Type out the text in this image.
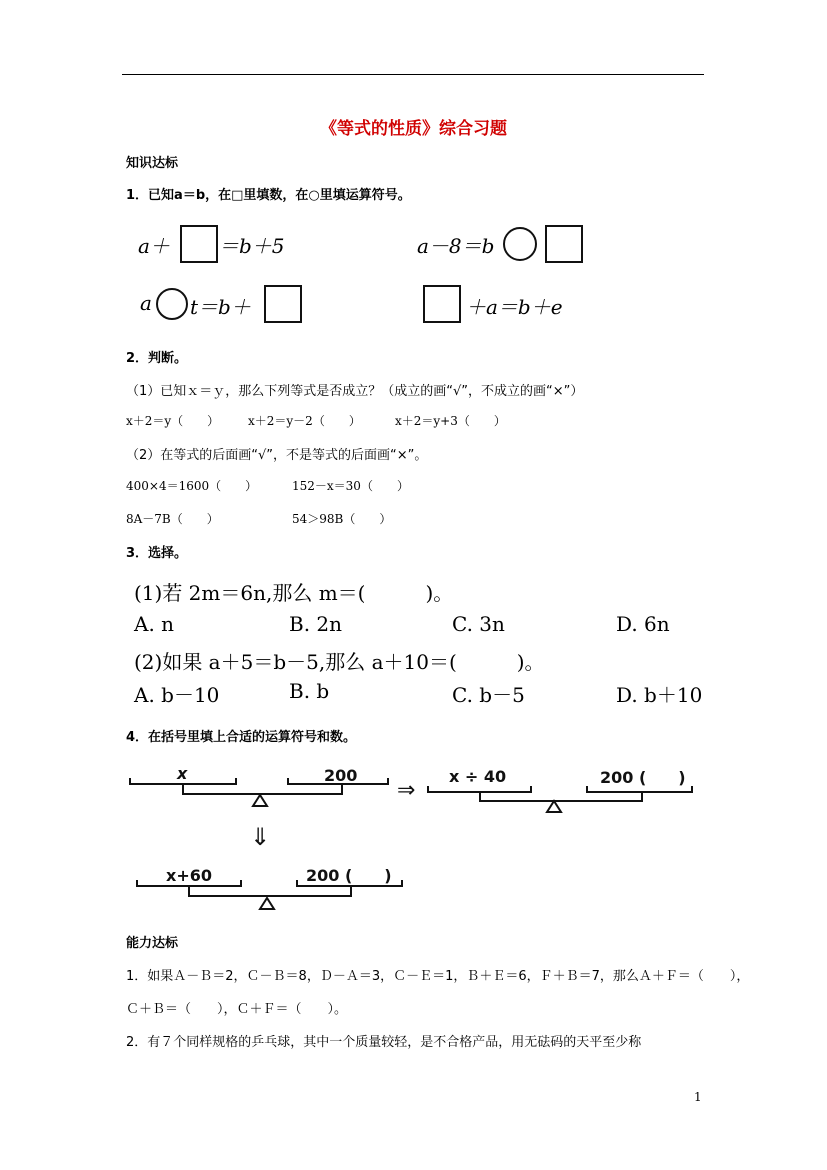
《等式的性质》综合习题
知识达标
1．已知a＝b，在□里填数，在○里填运算符号。
a＋ ＝b＋5	a－8＝b
a t＝b＋	＋a＝b＋e
2．判断。
（1）已知ｘ＝ｙ，那么下列等式是否成立？（成立的画“√”，不成立的画“×”）
x＋2＝y（　　） x＋2＝y－2（　　）	x＋2＝y+3（　　）
（2）在等式的后面画“√”，不是等式的后面画“×”。
400×4＝1600（　　）	152－x＝30（　　）
8A－7B（　　）	54＞98B（　　）
3．选择。
(1)若 2m＝6n,那么 m＝(　　　)。
A. n	B. 2n	C. 3n	D. 6n
(2)如果 a＋5＝b－5,那么 a＋10＝(　　　)。
A. b－10	B. b	C. b－5	D. b＋10
4．在括号里填上合适的运算符号和数。
x	200
⇒
x ÷ 40	200 (　　)
⇓
x+60	200 (　　)
能力达标
1．如果Ａ－Ｂ＝2，Ｃ－Ｂ＝8，Ｄ－Ａ＝3，Ｃ－Ｅ＝1，Ｂ＋Ｅ＝6，Ｆ＋Ｂ＝7，那么Ａ＋Ｆ＝（　　），
Ｃ＋Ｂ＝（　　），Ｃ＋Ｆ＝（　　）。
2．有７个同样规格的乒乓球，其中一个质量较轻，是不合格产品，用无砝码的天平至少称
1
